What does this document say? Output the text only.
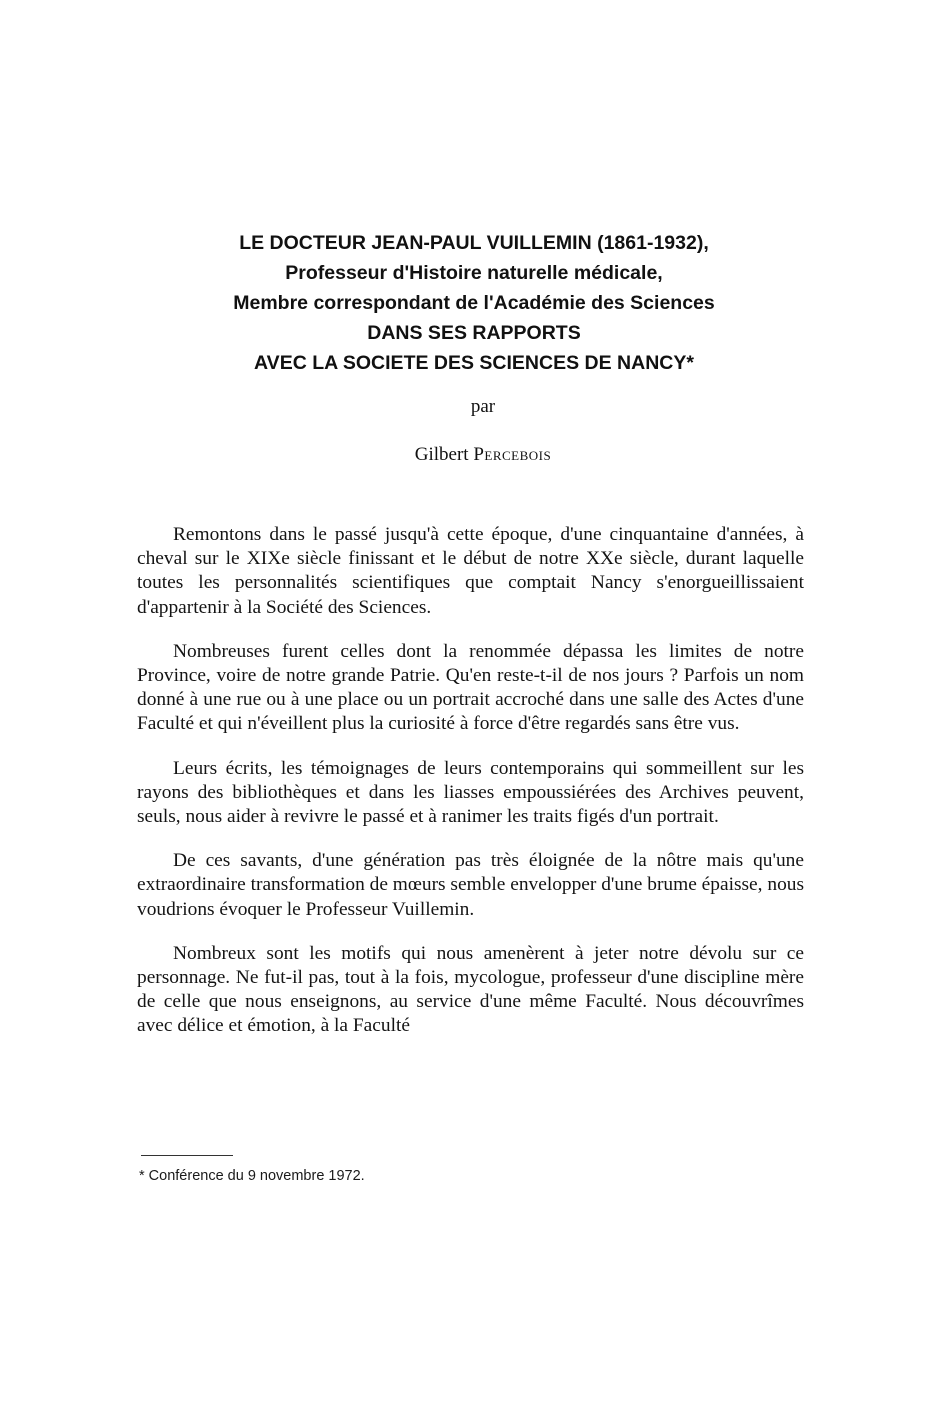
LE DOCTEUR JEAN-PAUL VUILLEMIN (1861-1932),
Professeur d'Histoire naturelle médicale,
Membre correspondant de l'Académie des Sciences
DANS SES RAPPORTS
AVEC LA SOCIETE DES SCIENCES DE NANCY*
par
Gilbert Percebois

Remontons dans le passé jusqu'à cette époque, d'une cinquantaine d'années, à cheval sur le XIXe siècle finissant et le début de notre XXe siècle, durant laquelle toutes les personnalités scientifiques que comptait Nancy s'enorgueillissaient d'appartenir à la Société des Sciences.

Nombreuses furent celles dont la renommée dépassa les limites de notre Province, voire de notre grande Patrie. Qu'en reste-t-il de nos jours ? Parfois un nom donné à une rue ou à une place ou un portrait accroché dans une salle des Actes d'une Faculté et qui n'éveillent plus la curiosité à force d'être regardés sans être vus.

Leurs écrits, les témoignages de leurs contemporains qui sommeillent sur les rayons des bibliothèques et dans les liasses empoussiérées des Archives peuvent, seuls, nous aider à revivre le passé et à ranimer les traits figés d'un portrait.

De ces savants, d'une génération pas très éloignée de la nôtre mais qu'une extraordinaire transformation de mœurs semble envelopper d'une brume épaisse, nous voudrions évoquer le Professeur Vuillemin.

Nombreux sont les motifs qui nous amenèrent à jeter notre dévolu sur ce personnage. Ne fut-il pas, tout à la fois, mycologue, professeur d'une discipline mère de celle que nous enseignons, au service d'une même Faculté. Nous découvrîmes avec délice et émotion, à la Faculté

* Conférence du 9 novembre 1972.
